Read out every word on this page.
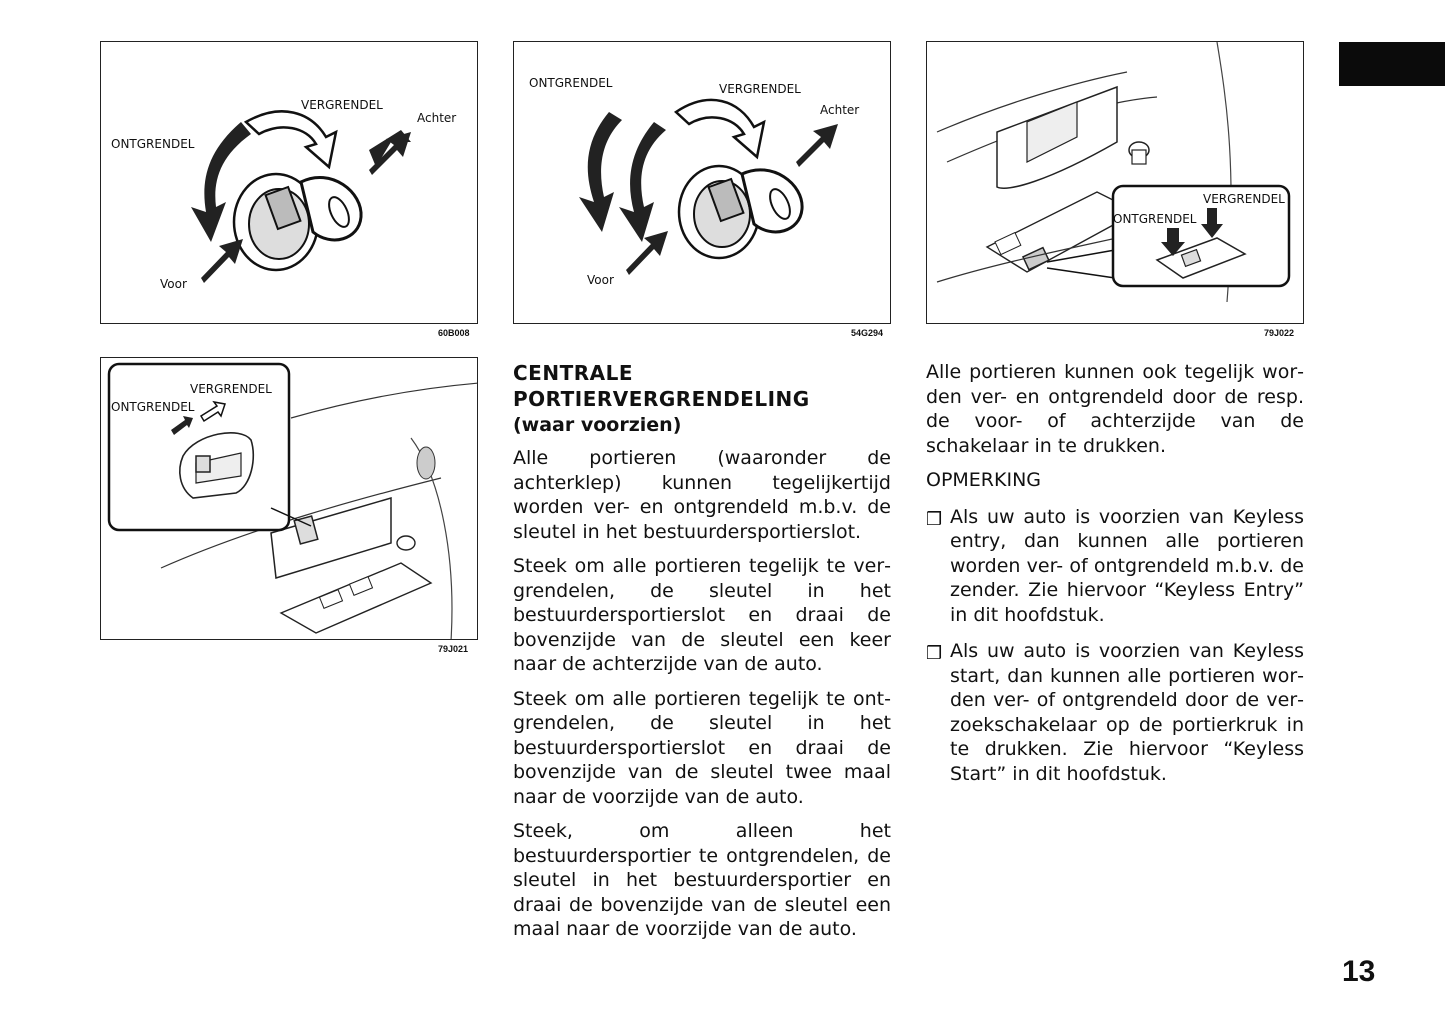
VERGRENDEL
ONTGRENDEL
Achter
Voor
60B008
ONTGRENDEL	VERGRENDEL
Achter
Voor
54G294
VERGRENDEL
ONTGRENDEL
79J022
VERGRENDEL
ONTGRENDEL
79J021
CENTRALE
PORTIERVERGRENDELING
(waar voorzien)

Alle portieren (waaronder de achterklep) kunnen tegelijkertijd worden ver- en ontgrendeld m.b.v. de sleutel in het bestuurdersportierslot.

Steek om alle portieren tegelijk te vergrendelen, de sleutel in het bestuurdersportierslot en draai de bovenzijde van de sleutel een keer naar de achterzijde van de auto.

Steek om alle portieren tegelijk te ontgrendelen, de sleutel in het bestuurdersportierslot en draai de bovenzijde van de sleutel twee maal naar de voorzijde van de auto.

Steek, om alleen het bestuurdersportier te ontgrendelen, de sleutel in het bestuurdersportier en draai de bovenzijde van de sleutel een maal naar de voorzijde van de auto.

Alle portieren kunnen ook tegelijk worden ver- en ontgrendeld door de resp. de voor- of achterzijde van de schakelaar in te drukken.

OPMERKING

❒ Als uw auto is voorzien van Keyless entry, dan kunnen alle portieren worden ver- of ontgrendeld m.b.v. de zender. Zie hiervoor “Keyless Entry” in dit hoofdstuk.
❒ Als uw auto is voorzien van Keyless start, dan kunnen alle portieren worden ver- of ontgrendeld door de verzoekschakelaar op de portierkruk in te drukken. Zie hiervoor “Keyless Start” in dit hoofdstuk.
13
